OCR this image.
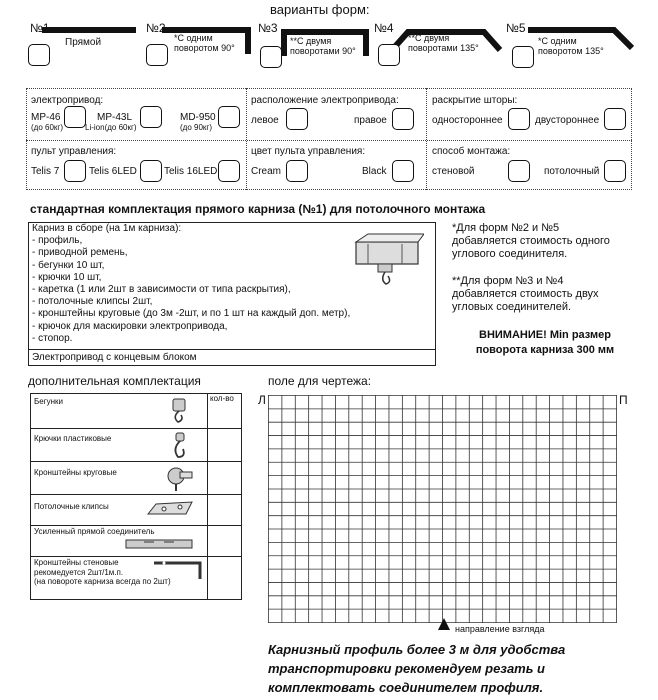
варианты форм:
№1
Прямой
№2
*С одним
поворотом 90°
№3
**С двумя
поворотами 90°
№4
**С двумя
поворотами 135°
№5
*С одним
поворотом 135°
электропривод:
MP-46
(до 60кг)
MP-43L
Li-ion(до 60кг)
MD-950
(до 90кг)
расположение электропривода:
левое	правое
раскрытие шторы:
одностороннее	двустороннее
пульт управления:
Telis 7	Telis 6LED	Telis 16LED
цвет пульта управления:
Cream	Black
способ монтажа:
стеновой	потолочный
стандартная комплектация прямого карниза (№1) для потолочного монтажа
Карниз в сборе (на 1м карниза):
- профиль,
- приводной ремень,
- бегунки 10 шт,
- крючки 10 шт,
- каретка (1 или 2шт в зависимости от типа раскрытия),
- потолочные клипсы 2шт,
- кронштейны круговые (до 3м -2шт, и по 1 шт на каждый доп. метр),
- крючок для маскировки электропривода,
- стопор.
Электропривод с концевым блоком
*Для форм №2 и №5
добавляется стоимость одного
углового соединителя.
**Для форм №3 и №4
добавляется стоимость двух
угловых соединителей.
ВНИМАНИЕ! Min размер
поворота карниза 300 мм
дополнительная комплектация
кол-во
Бегунки
Крючки пластиковые
Кронштейны круговые
Потолочные клипсы
Усиленный прямой соединитель
Кронштейны стеновые
рекомедуется 2шт/1м.п.
(на повороте карниза всегда по 2шт)
поле для чертежа:
Л	П
направление взгляда
Карнизный профиль более 3 м для удобства
транспортировки рекомендуем резать и
комплектовать соединителем профиля.
